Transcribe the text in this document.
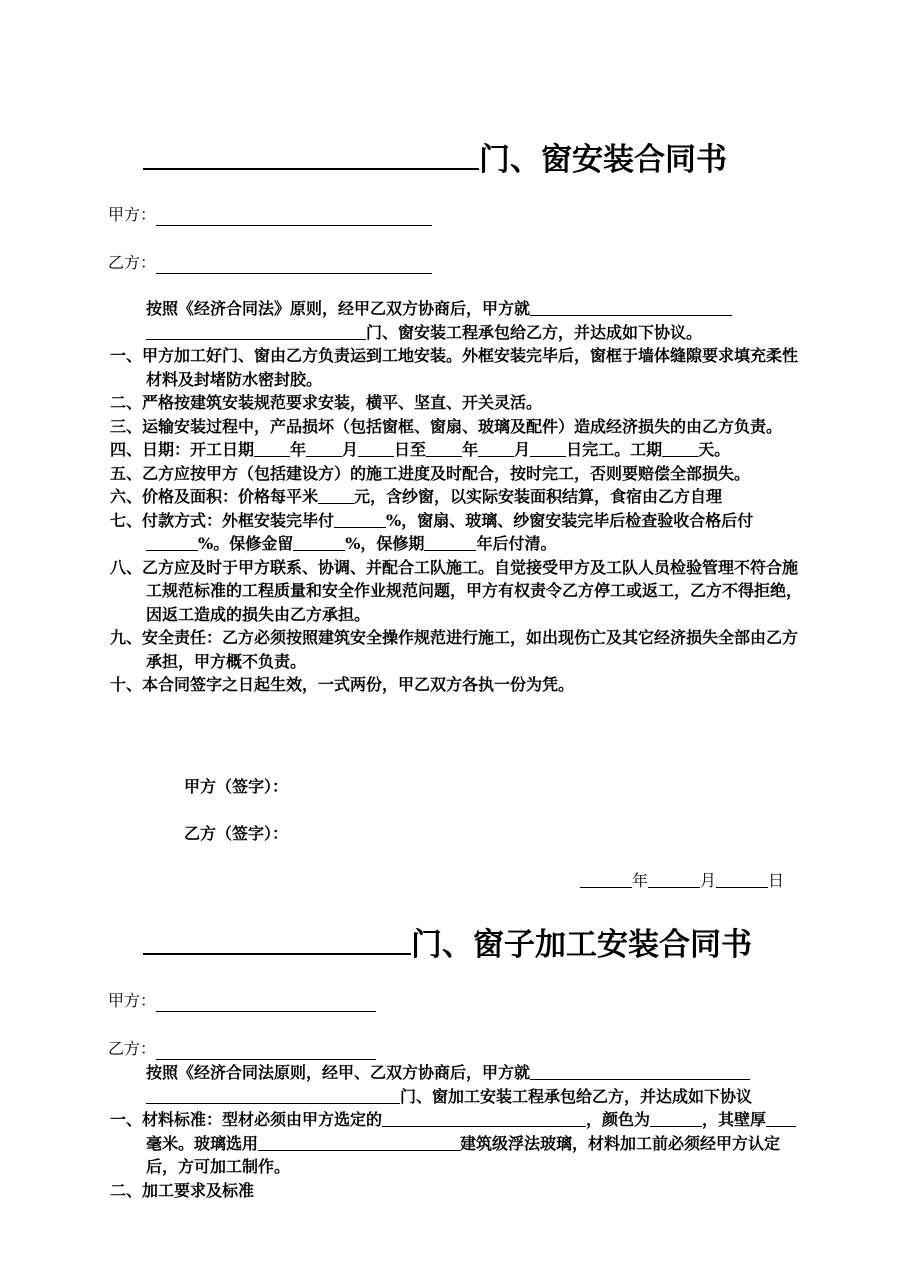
门、窗安装合同书
甲方：
乙方：

按照《经济合同法》原则，经甲乙双方协商后，甲方就

门、窗安装工程承包给乙方，并达成如下协议。

一、甲方加工好门、窗由乙方负责运到工地安装。外框安装完毕后，窗框于墙体缝隙要求填充柔性材料及封堵防水密封胶。

二、严格按建筑安装规范要求安装，横平、坚直、开关灵活。

三、运输安装过程中，产品损坏（包括窗框、窗扇、玻璃及配件）造成经济损失的由乙方负责。

四、日期：开工日期 年 月 日至 年 月 日完工。工期 天。

五、乙方应按甲方（包括建设方）的施工进度及时配合，按时完工，否则要赔偿全部损失。

六、价格及面积：价格每平米 元，含纱窗，以实际安装面积结算，食宿由乙方自理

七、付款方式：外框安装完毕付	%，窗扇、玻璃、纱窗安装完毕后检查验收合格后付%。保修金留	%，保修期	年后付清。

八、乙方应及时于甲方联系、协调、并配合工队施工。自觉接受甲方及工队人员检验管理不符合施工规范标准的工程质量和安全作业规范问题，甲方有权责令乙方停工或返工，乙方不得拒绝，因返工造成的损失由乙方承担。

九、安全责任：乙方必须按照建筑安全操作规范进行施工，如出现伤亡及其它经济损失全部由乙方承担，甲方概不负责。

十、本合同签字之日起生效，一式两份，甲乙双方各执一份为凭。

甲方（签字）：
乙方（签字）：
年	月	日
门、窗子加工安装合同书
甲方：
乙方：

按照《经济合同法原则，经甲、乙双方协商后，甲方就

门、窗加工安装工程承包给乙方，并达成如下协议

一、材料标准：型材必须由甲方选定的	，颜色为	，其壁厚毫米。玻璃选用	建筑级浮法玻璃，材料加工前必须经甲方认定后，方可加工制作。

二、加工要求及标准
